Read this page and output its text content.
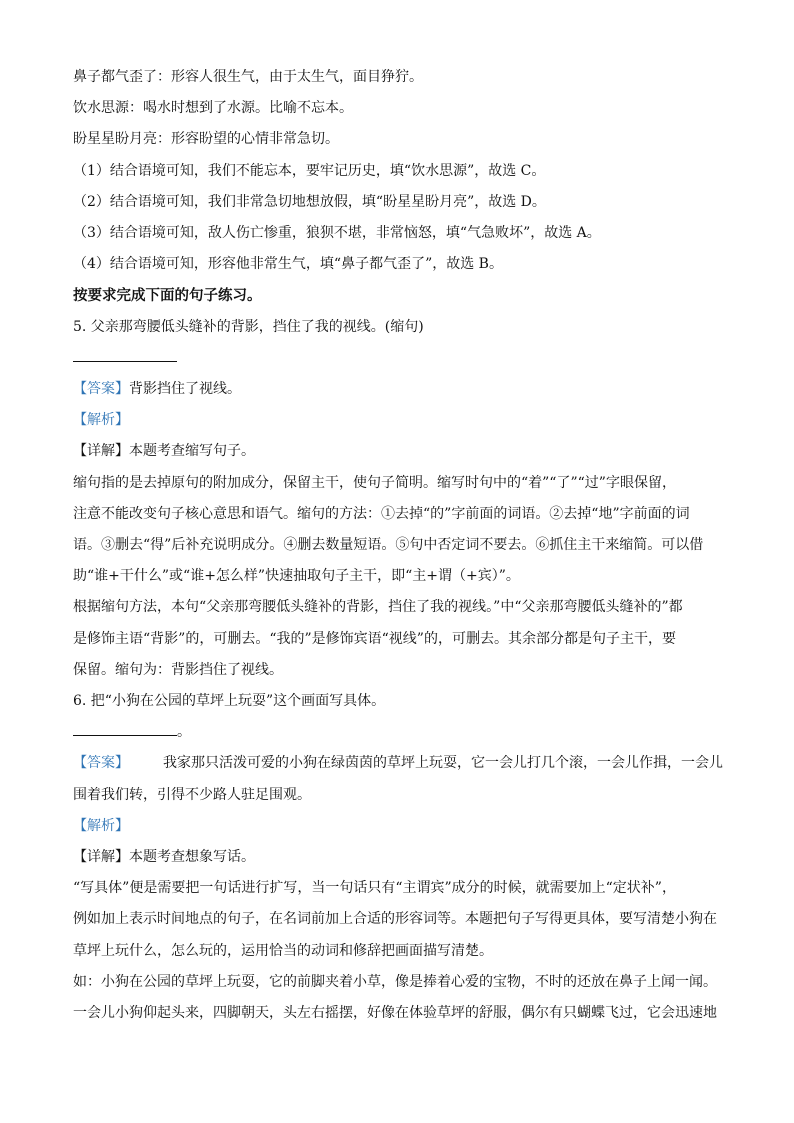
鼻子都气歪了：形容人很生气，由于太生气，面目狰狞。

饮水思源：喝水时想到了水源。比喻不忘本。

盼星星盼月亮：形容盼望的心情非常急切。

（1）结合语境可知，我们不能忘本，要牢记历史，填“饮水思源”，故选 C。

（2）结合语境可知，我们非常急切地想放假，填“盼星星盼月亮”，故选 D。

（3）结合语境可知，敌人伤亡惨重，狼狈不堪，非常恼怒，填“气急败坏”，故选 A。

（4）结合语境可知，形容他非常生气，填“鼻子都气歪了”，故选 B。

按要求完成下面的句子练习。

5. 父亲那弯腰低头缝补的背影，挡住了我的视线。(缩句)

【答案】背影挡住了视线。

【解析】

【详解】本题考查缩写句子。

缩句指的是去掉原句的附加成分，保留主干，使句子简明。缩写时句中的“着”“了”“过”字眼保留，

注意不能改变句子核心意思和语气。缩句的方法：①去掉“的”字前面的词语。②去掉“地”字前面的词

语。③删去“得”后补充说明成分。④删去数量短语。⑤句中否定词不要去。⑥抓住主干来缩简。可以借

助“谁+干什么”或“谁+怎么样”快速抽取句子主干，即“主+谓（+宾）”。

根据缩句方法，本句“父亲那弯腰低头缝补的背影，挡住了我的视线。”中“父亲那弯腰低头缝补的”都

是修饰主语“背影”的，可删去。“我的”是修饰宾语“视线”的，可删去。其余部分都是句子主干，要

保留。缩句为：背影挡住了视线。

6. 把“小狗在公园的草坪上玩耍”这个画面写具体。

。

【答案】 我家那只活泼可爱的小狗在绿茵茵的草坪上玩耍，它一会儿打几个滚，一会儿作揖，一会儿

围着我们转，引得不少路人驻足围观。

【解析】

【详解】本题考查想象写话。

“写具体”便是需要把一句话进行扩写，当一句话只有“主谓宾”成分的时候，就需要加上“定状补”，

例如加上表示时间地点的句子，在名词前加上合适的形容词等。本题把句子写得更具体，要写清楚小狗在

草坪上玩什么，怎么玩的，运用恰当的动词和修辞把画面描写清楚。

如：小狗在公园的草坪上玩耍，它的前脚夹着小草，像是捧着心爱的宝物，不时的还放在鼻子上闻一闻。

一会儿小狗仰起头来，四脚朝天，头左右摇摆，好像在体验草坪的舒服，偶尔有只蝴蝶飞过，它会迅速地
